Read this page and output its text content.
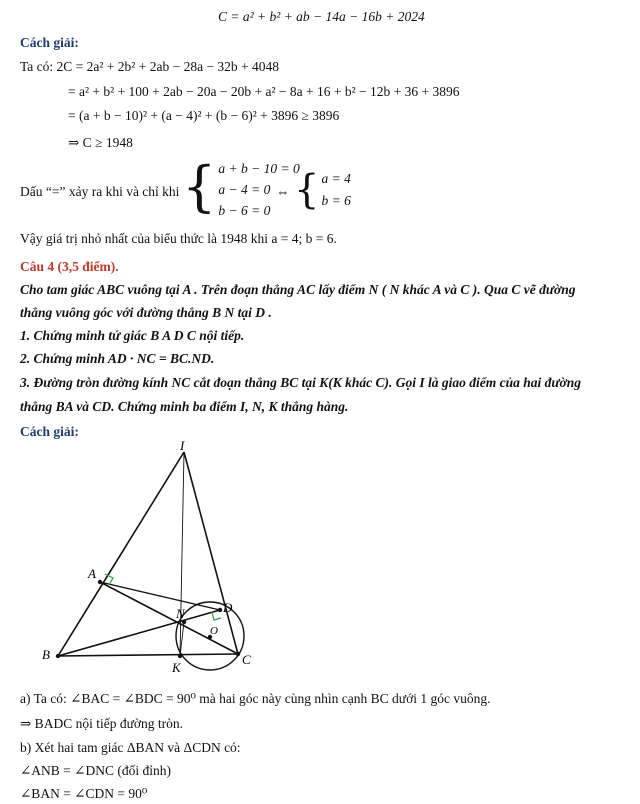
C = a² + b² + ab − 14a − 16b + 2024
Cách giải:
Ta có: 2C = 2a² + 2b² + 2ab − 28a − 32b + 4048
= a² + b² + 100 + 2ab − 20a − 20b + a² − 8a + 16 + b² − 12b + 36 + 3896
= (a + b − 10)² + (a − 4)² + (b − 6)² + 3896 ≥ 3896
⇒ C ≥ 1948
Dấu “=” xảy ra khi và chỉ khi { a + b − 10 = 0
a − 4 = 0
b − 6 = 0
⇔ { a = 4
b = 6
Vậy giá trị nhỏ nhất của biểu thức là 1948 khi a = 4; b = 6.
Câu 4 (3,5 điểm).
Cho tam giác ABC vuông tại A . Trên đoạn thẳng AC lấy điểm N ( N khác A và C ). Qua C vẽ đường
thẳng vuông góc với đường thẳng B N tại D .
1. Chứng minh tứ giác B A D C nội tiếp.
2. Chứng minh AD · NC = BC.ND.
3. Đường tròn đường kính NC cắt đoạn thẳng BC tại K(K khác C). Gọi I là giao điểm của hai đường
thẳng BA và CD. Chứng minh ba điểm I, N, K thẳng hàng.
Cách giải:
I
A
B	C
D
N
O
K
a) Ta có: ∠BAC = ∠BDC = 90⁰ mà hai góc này cùng nhìn cạnh BC dưới 1 góc vuông.
⇒ BADC nội tiếp đường tròn.
b) Xét hai tam giác ΔBAN và ΔCDN có:
∠ANB = ∠DNC (đối đỉnh)
∠BAN = ∠CDN = 90⁰
